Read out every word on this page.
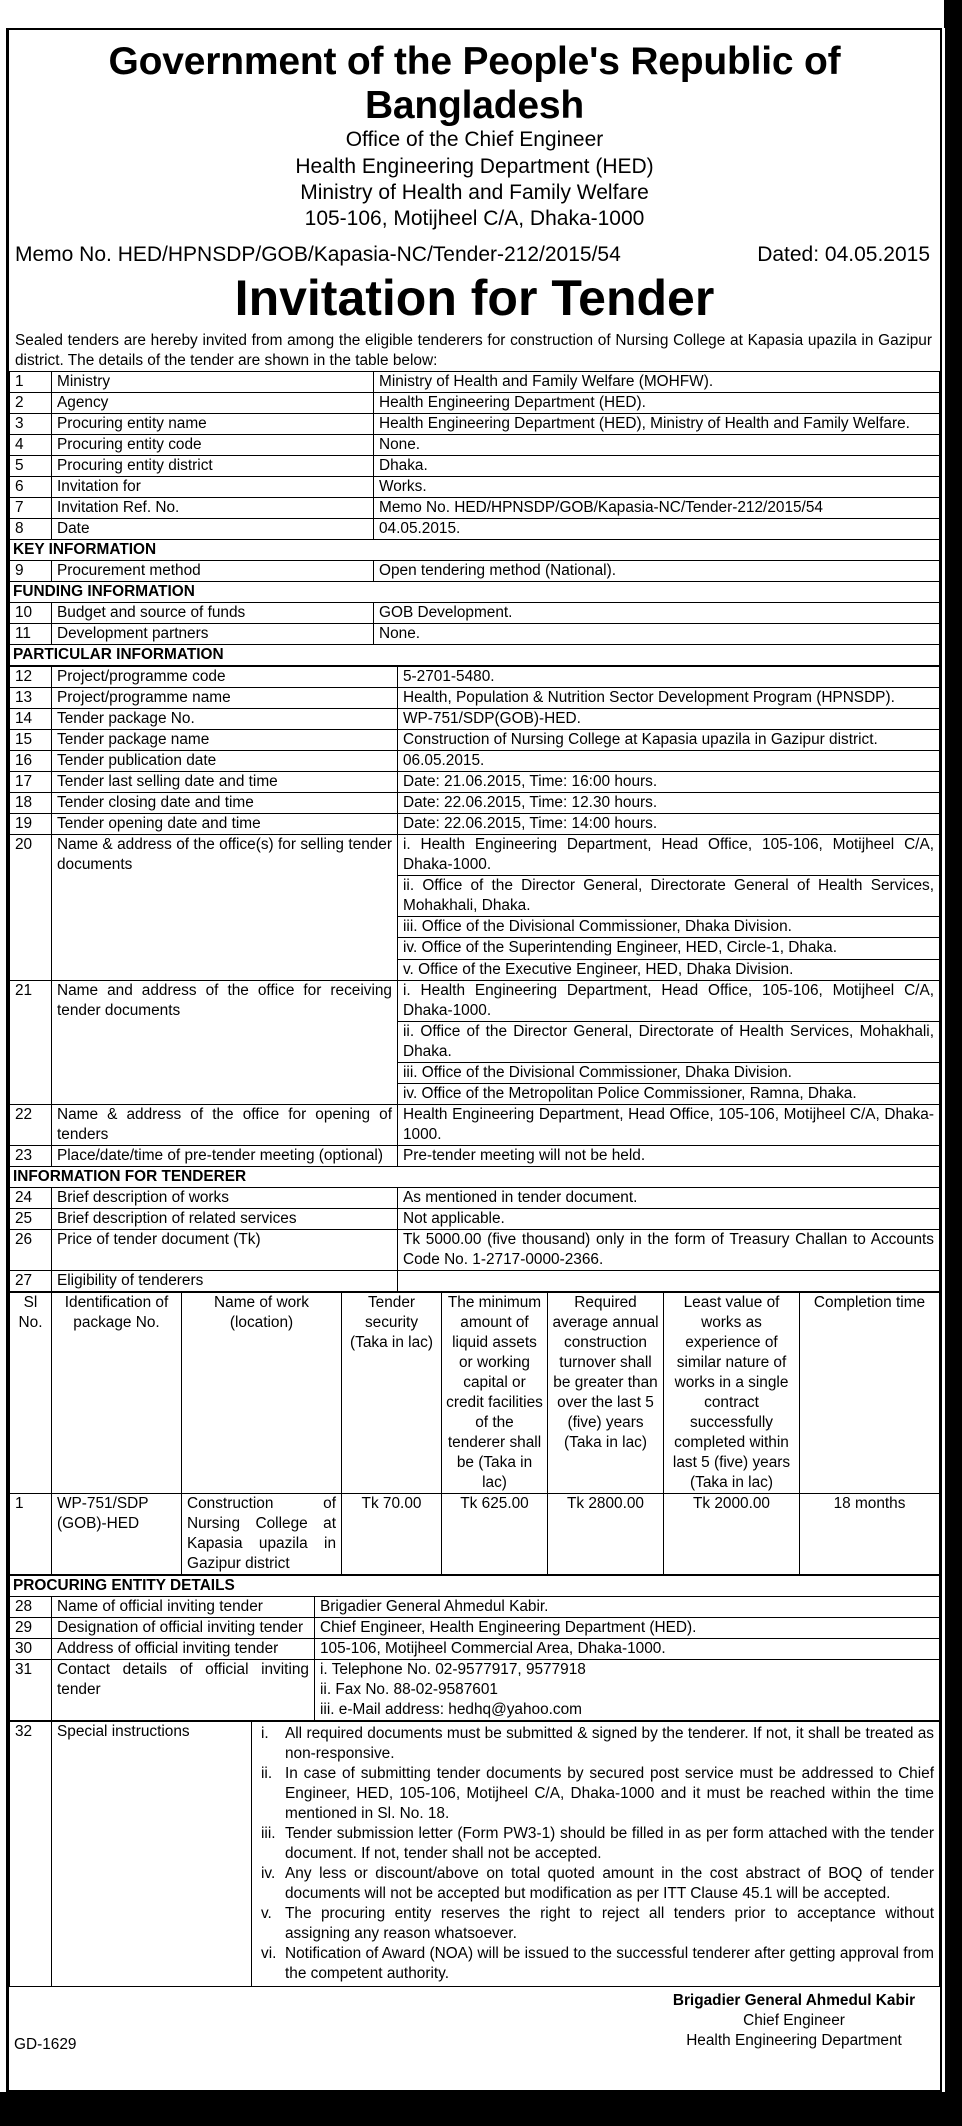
Government of the People's Republic of Bangladesh
Office of the Chief Engineer
Health Engineering Department (HED)
Ministry of Health and Family Welfare
105-106, Motijheel C/A, Dhaka-1000
Memo No. HED/HPNSDP/GOB/Kapasia-NC/Tender-212/2015/54	Dated: 04.05.2015
Invitation for Tender
Sealed tenders are hereby invited from among the eligible tenderers for construction of Nursing College at Kapasia upazila in Gazipur district. The details of the tender are shown in the table below:
1	Ministry	Ministry of Health and Family Welfare (MOHFW).
2	Agency	Health Engineering Department (HED).
3	Procuring entity name	Health Engineering Department (HED), Ministry of Health and Family Welfare.
4	Procuring entity code	None.
5	Procuring entity district	Dhaka.
6	Invitation for	Works.
7	Invitation Ref. No.	Memo No. HED/HPNSDP/GOB/Kapasia-NC/Tender-212/2015/54
8	Date	04.05.2015.
KEY INFORMATION		
9	Procurement method	Open tendering method (National).
FUNDING INFORMATION		
10	Budget and source of funds	GOB Development.
11	Development partners	None.
PARTICULAR INFORMATION		
12	Project/programme code	5-2701-5480.
13	Project/programme name	Health, Population & Nutrition Sector Development Program (HPNSDP).
14	Tender package No.	WP-751/SDP(GOB)-HED.
15	Tender package name	Construction of Nursing College at Kapasia upazila in Gazipur district.
16	Tender publication date	06.05.2015.
17	Tender last selling date and time	Date: 21.06.2015, Time: 16:00 hours.
18	Tender closing date and time	Date: 22.06.2015, Time: 12.30 hours.
19	Tender opening date and time	Date: 22.06.2015, Time: 14:00 hours.
20	Name & address of the office(s) for selling tender documents	i. Health Engineering Department, Head Office, 105-106, Motijheel C/A, Dhaka-1000.
ii. Office of the Director General, Directorate General of Health Services, Mohakhali, Dhaka.
iii. Office of the Divisional Commissioner, Dhaka Division.
iv. Office of the Superintending Engineer, HED, Circle-1, Dhaka.
v. Office of the Executive Engineer, HED, Dhaka Division.

21	Name and address of the office for receiving tender documents	i. Health Engineering Department, Head Office, 105-106, Motijheel C/A, Dhaka-1000.
ii. Office of the Director General, Directorate of Health Services, Mohakhali, Dhaka.
iii. Office of the Divisional Commissioner, Dhaka Division.
iv. Office of the Metropolitan Police Commissioner, Ramna, Dhaka.

22	Name & address of the office for opening of tenders	Health Engineering Department, Head Office, 105-106, Motijheel C/A, Dhaka-1000.
23	Place/date/time of pre-tender meeting (optional)	Pre-tender meeting will not be held.
INFORMATION FOR TENDERER		
24	Brief description of works	As mentioned in tender document.
25	Brief description of related services	Not applicable.
26	Price of tender document (Tk)	Tk 5000.00 (five thousand) only in the form of Treasury Challan to Accounts Code No. 1-2717-0000-2366.
27	Eligibility of tenderers	
Sl No.	Identification of package No.	Name of work (location)	Tender security (Taka in lac)	The minimum amount of liquid assets or working capital or credit facilities of the tenderer shall be (Taka in lac)	Required average annual construction turnover shall be greater than over the last 5 (five) years (Taka in lac)	Least value of works as experience of similar nature of works in a single contract successfully completed within last 5 (five) years (Taka in lac)	Completion time
1	WP-751/SDP (GOB)-HED	Construction of Nursing College at Kapasia upazila in Gazipur district	Tk 70.00	Tk 625.00	Tk 2800.00	Tk 2000.00	18 months
PROCURING ENTITY DETAILS		
28	Name of official inviting tender	Brigadier General Ahmedul Kabir.
29	Designation of official inviting tender	Chief Engineer, Health Engineering Department (HED).
30	Address of official inviting tender	105-106, Motijheel Commercial Area, Dhaka-1000.
31	Contact details of official inviting tender	i. Telephone No. 02-9577917, 9577918
ii. Fax No. 88-02-9587601
iii. e-Mail address: hedhq@yahoo.com
32	Special instructions	i.	All required documents must be submitted & signed by the tenderer. If not, it shall be treated as non-responsive.
ii. In case of submitting tender documents by secured post service must be addressed to Chief Engineer, HED, 105-106, Motijheel C/A, Dhaka-1000 and it must be reached within the time mentioned in Sl. No. 18.
iii. Tender submission letter (Form PW3-1) should be filled in as per form attached with the tender document. If not, tender shall not be accepted.
iv. Any less or discount/above on total quoted amount in the cost abstract of BOQ of tender documents will not be accepted but modification as per ITT Clause 45.1 will be accepted.
v. The procuring entity reserves the right to reject all tenders prior to acceptance without assigning any reason whatsoever.
vi. Notification of Award (NOA) will be issued to the successful tenderer after getting approval from the competent authority.
Brigadier General Ahmedul Kabir
Chief Engineer
Health Engineering Department
GD-1629
